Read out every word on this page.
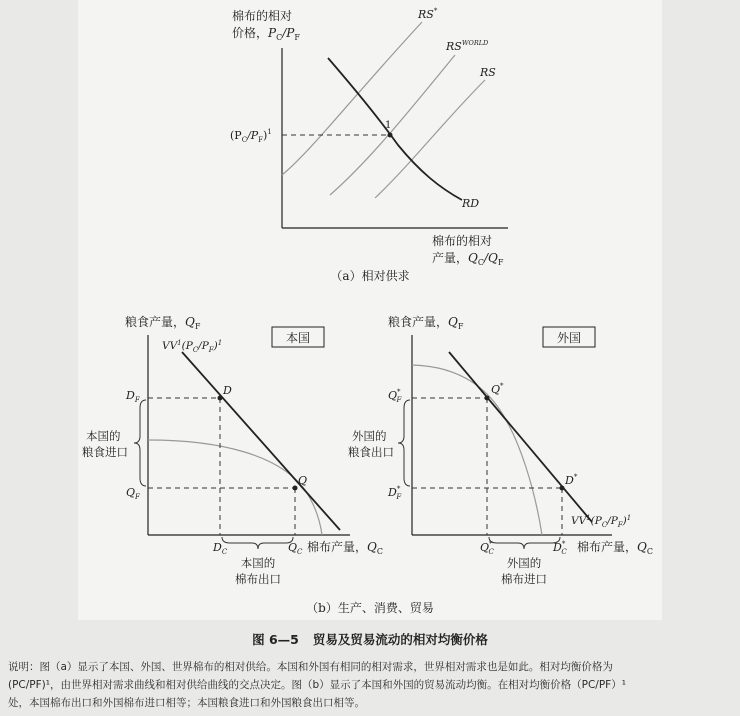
棉布的相对
价格，$P_C/P_F$
RS*
$RS^{WORLD}$
RS
RD
1
$(P_C/P_F)^1$
棉布的相对
产量，$Q_C/Q_F$
（a）相对供求
粮食产量，$Q_F$
本国
$VV^1(P_C/P_F)^1$
D
Q
$D_F$
$Q_F$
$D_C$	$Q_C$
本国的
粮食进口
本国的
棉布出口
棉布产量，$Q_C$
粮食产量，$Q_F$
外国
Q*
D*
Q* F
D* F
Q* C	D* C
外国的
粮食出口
外国的
棉布进口
$VV^1(P_C/P_F)^1$
棉布产量，$Q_C$
（b）生产、消费、贸易
图 6—5 贸易及贸易流动的相对均衡价格
说明：图（a）显示了本国、外国、世界棉布的相对供给。本国和外国有相同的相对需求，世界相对需求也是如此。相对均衡价格为
(PC/PF)¹，由世界相对需求曲线和相对供给曲线的交点决定。图（b）显示了本国和外国的贸易流动均衡。在相对均衡价格（PC/PF）¹
处，本国棉布出口和外国棉布进口相等；本国粮食进口和外国粮食出口相等。
